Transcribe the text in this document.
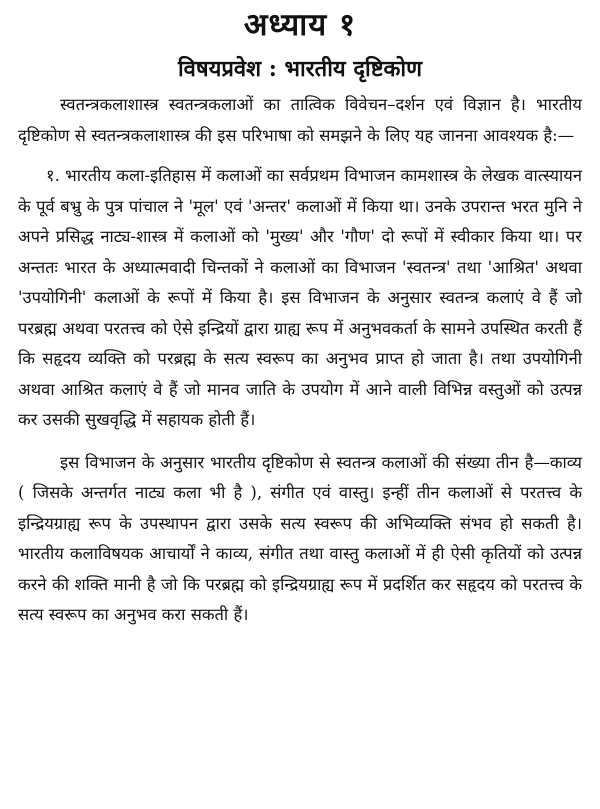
अध्याय १
विषयप्रवेश : भारतीय दृष्टिकोण

स्वतन्त्रकलाशास्त्र स्वतन्त्रकलाओं का तात्विक विवेचन–दर्शन एवं विज्ञान है। भारतीय दृष्टिकोण से स्वतन्त्रकलाशास्त्र की इस परिभाषा को समझने के लिए यह जानना आवश्यक है:—

१. भारतीय कला-इतिहास में कलाओं का सर्वप्रथम विभाजन कामशास्त्र के लेखक वात्स्यायन के पूर्व बभ्रु के पुत्र पांचाल ने 'मूल' एवं 'अन्तर' कलाओं में किया था। उनके उपरान्त भरत मुनि ने अपने प्रसिद्ध नाट्य-शास्त्र में कलाओं को 'मुख्य' और 'गौण' दो रूपों में स्वीकार किया था। पर अन्ततः भारत के अध्यात्मवादी चिन्तकों ने कलाओं का विभाजन 'स्वतन्त्र' तथा 'आश्रित' अथवा 'उपयोगिनी' कलाओं के रूपों में किया है। इस विभाजन के अनुसार स्वतन्त्र कलाएं वे हैं जो परब्रह्म अथवा परतत्त्व को ऐसे इन्द्रियों द्वारा ग्राह्य रूप में अनुभवकर्ता के सामने उपस्थित करती हैं कि सहृदय व्यक्ति को परब्रह्म के सत्य स्वरूप का अनुभव प्राप्त हो जाता है। तथा उपयोगिनी अथवा आश्रित कलाएं वे हैं जो मानव जाति के उपयोग में आने वाली विभिन्न वस्तुओं को उत्पन्न कर उसकी सुखवृद्धि में सहायक होती हैं।

इस विभाजन के अनुसार भारतीय दृष्टिकोण से स्वतन्त्र कलाओं की संख्या तीन है—काव्य ( जिसके अन्तर्गत नाट्य कला भी है ), संगीत एवं वास्तु। इन्हीं तीन कलाओं से परतत्त्व के इन्द्रियग्राह्य रूप के उपस्थापन द्वारा उसके सत्य स्वरूप की अभिव्यक्ति संभव हो सकती है। भारतीय कलाविषयक आचार्यों ने काव्य, संगीत तथा वास्तु कलाओं में ही ऐसी कृतियों को उत्पन्न करने की शक्ति मानी है जो कि परब्रह्म को इन्द्रियग्राह्य रूप में प्रदर्शित कर सहृदय को परतत्त्व के सत्य स्वरूप का अनुभव करा सकती हैं।
